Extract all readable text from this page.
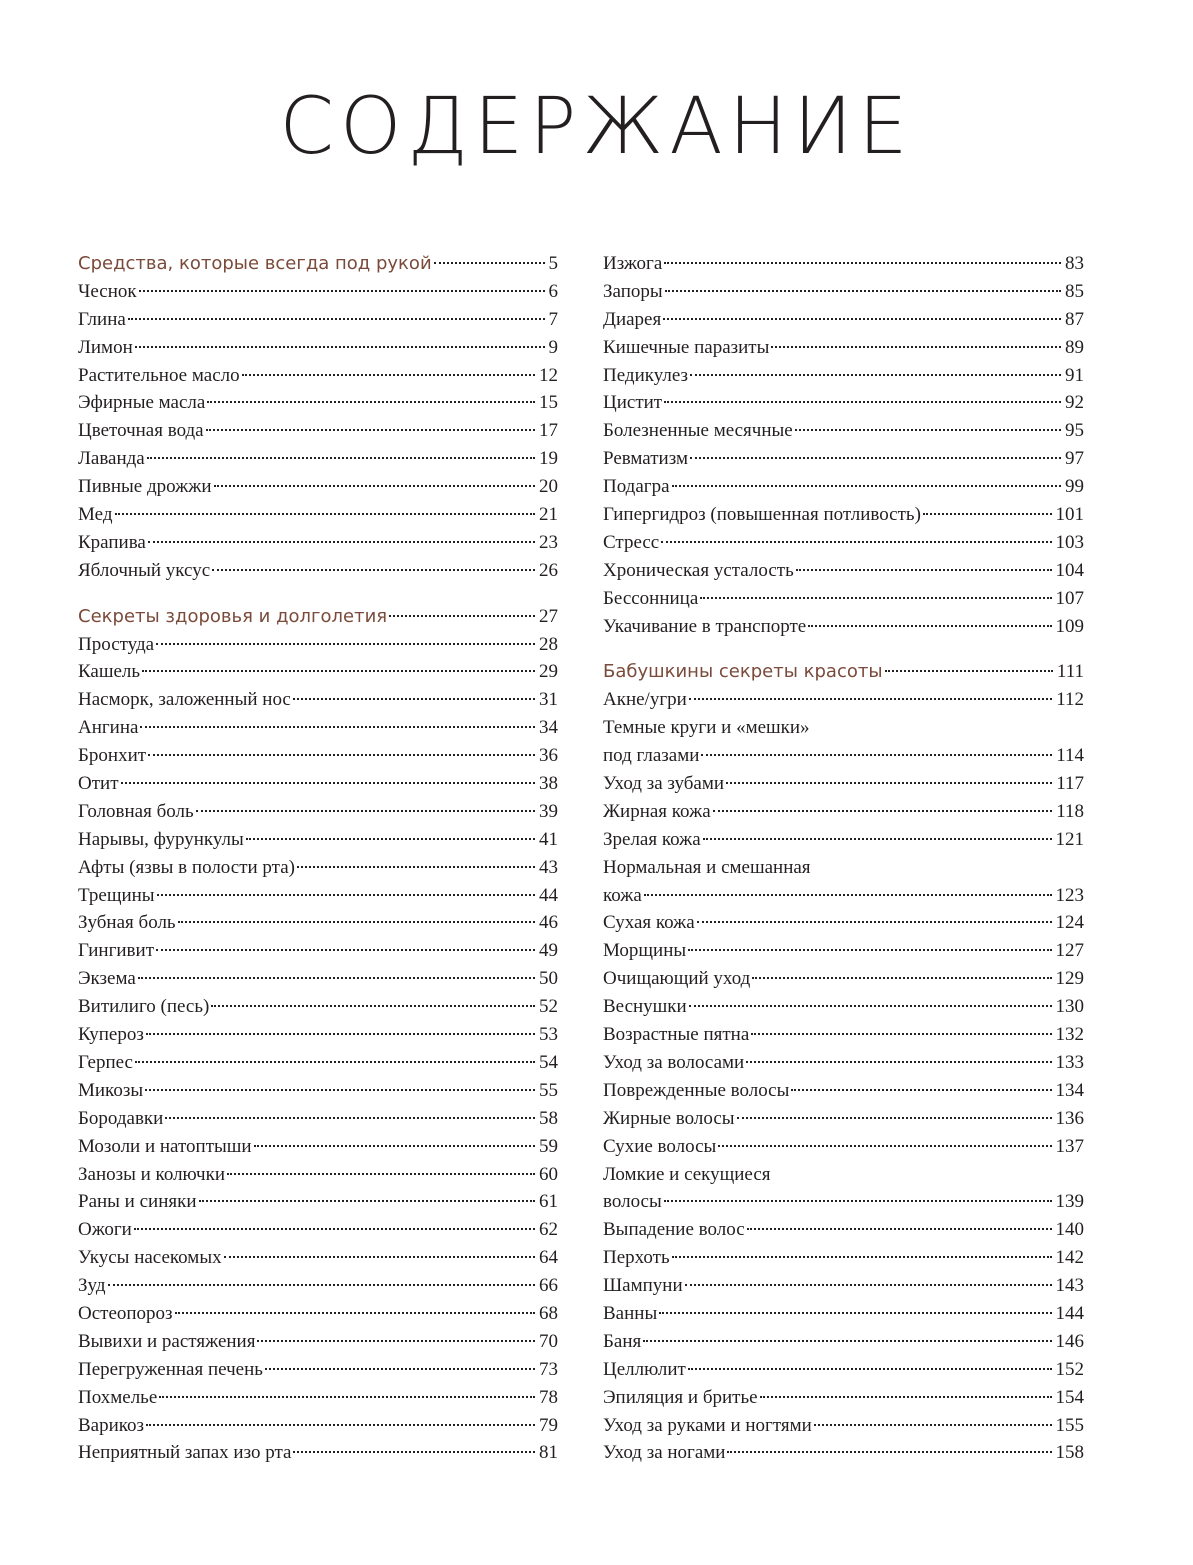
СОДЕРЖАНИЕ
Средства, которые всегда под рукой	5
Чеснок	6
Глина	7
Лимон	9
Растительное масло	12
Эфирные масла	15
Цветочная вода	17
Лаванда	19
Пивные дрожжи	20
Мед	21
Крапива	23
Яблочный уксус	26
Секреты здоровья и долголетия	27
Простуда	28
Кашель	29
Насморк, заложенный нос	31
Ангина	34
Бронхит	36
Отит	38
Головная боль	39
Нарывы, фурункулы	41
Афты (язвы в полости рта)	43
Трещины	44
Зубная боль	46
Гингивит	49
Экзема	50
Витилиго (песь)	52
Купероз	53
Герпес	54
Микозы	55
Бородавки	58
Мозоли и натоптыши	59
Занозы и колючки	60
Раны и синяки	61
Ожоги	62
Укусы насекомых	64
Зуд	66
Остеопороз	68
Вывихи и растяжения	70
Перегруженная печень	73
Похмелье	78
Варикоз	79
Неприятный запах изо рта	81
Изжога	83
Запоры	85
Диарея	87
Кишечные паразиты	89
Педикулез	91
Цистит	92
Болезненные месячные	95
Ревматизм	97
Подагра	99
Гипергидроз (повышенная потливость)	101
Стресс	103
Хроническая усталость	104
Бессонница	107
Укачивание в транспорте	109
Бабушкины секреты красоты	111
Акне/угри	112
Темные круги и «мешки»
под глазами	114
Уход за зубами	117
Жирная кожа	118
Зрелая кожа	121
Нормальная и смешанная
кожа	123
Сухая кожа	124
Морщины	127
Очищающий уход	129
Веснушки	130
Возрастные пятна	132
Уход за волосами	133
Поврежденные волосы	134
Жирные волосы	136
Сухие волосы	137
Ломкие и секущиеся
волосы	139
Выпадение волос	140
Перхоть	142
Шампуни	143
Ванны	144
Баня	146
Целлюлит	152
Эпиляция и бритье	154
Уход за руками и ногтями	155
Уход за ногами	158
